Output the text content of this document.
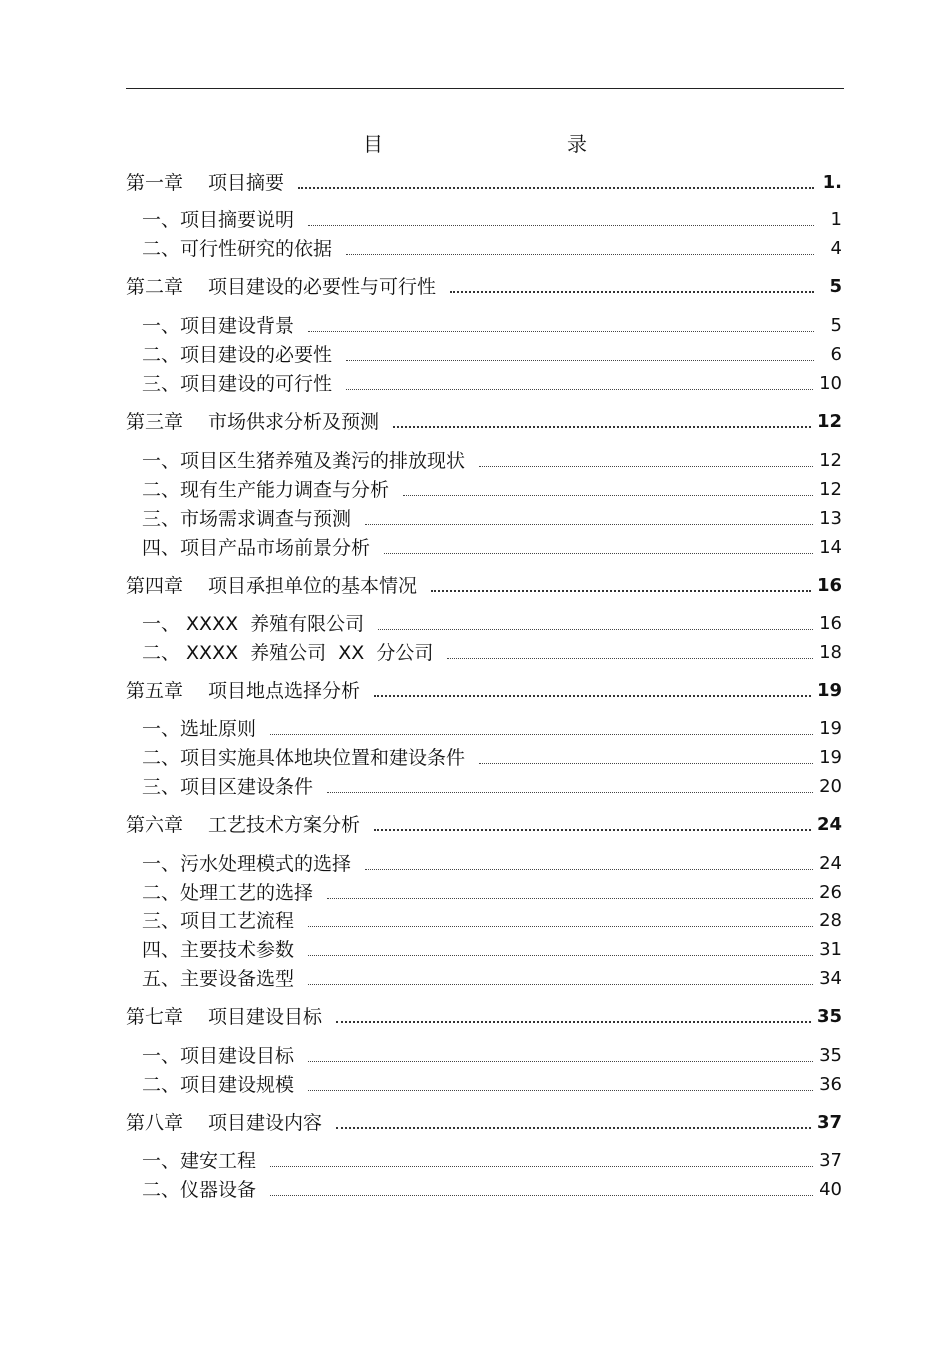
目　　录
第一章　 项目摘要	1.
一、项目摘要说明	1
二、可行性研究的依据	4
第二章　 项目建设的必要性与可行性	5
一、项目建设背景	5
二、项目建设的必要性	6
三、项目建设的可行性	10
第三章　 市场供求分析及预测	12
一、项目区生猪养殖及粪污的排放现状	12
二、现有生产能力调查与分析	12
三、市场需求调查与预测	13
四、项目产品市场前景分析	14
第四章　 项目承担单位的基本情况	16
一、 XXXX  养殖有限公司	16
二、 XXXX  养殖公司  XX  分公司	18
第五章　 项目地点选择分析	19
一、选址原则	19
二、项目实施具体地块位置和建设条件	19
三、项目区建设条件	20
第六章　 工艺技术方案分析	24
一、污水处理模式的选择	24
二、处理工艺的选择	26
三、项目工艺流程	28
四、主要技术参数	31
五、主要设备选型	34
第七章　 项目建设目标	35
一、项目建设目标	35
二、项目建设规模	36
第八章　 项目建设内容	37
一、建安工程	37
二、仪器设备	40
